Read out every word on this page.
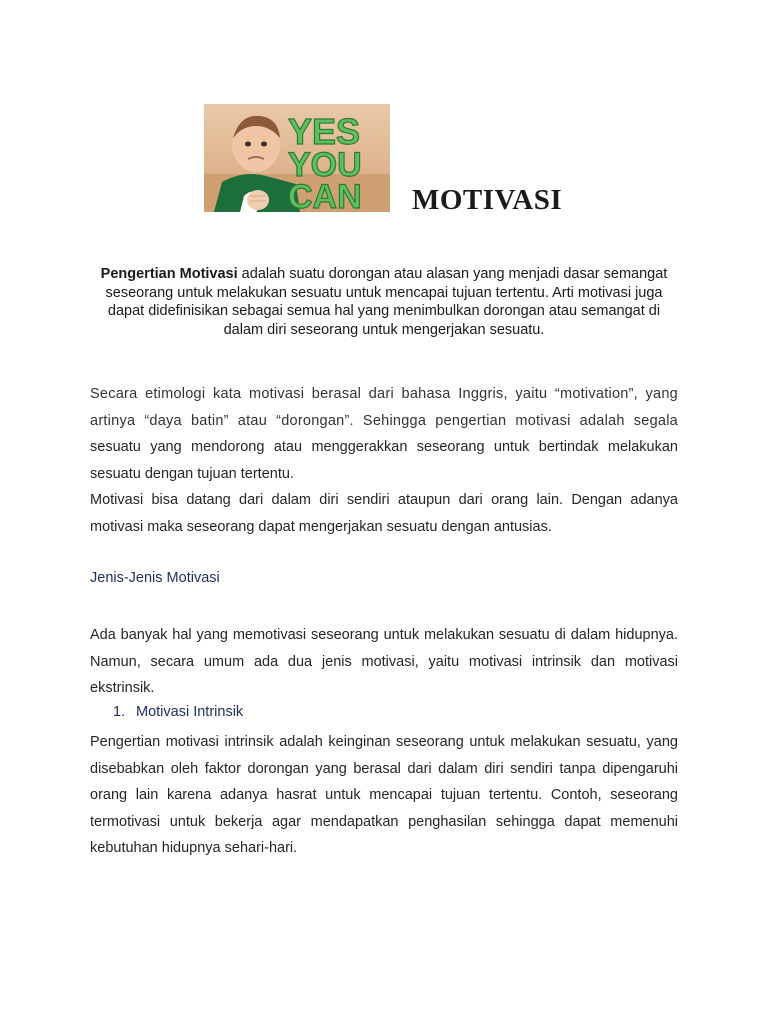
YES
YOU
CAN MOTIVASI

Pengertian Motivasi adalah suatu dorongan atau alasan yang menjadi dasar semangat seseorang untuk melakukan sesuatu untuk mencapai tujuan tertentu. Arti motivasi juga dapat didefinisikan sebagai semua hal yang menimbulkan dorongan atau semangat di dalam diri seseorang untuk mengerjakan sesuatu.

Secara etimologi kata motivasi berasal dari bahasa Inggris, yaitu “motivation”, yang artinya “daya batin” atau “dorongan”. Sehingga pengertian motivasi adalah segala sesuatu yang mendorong atau menggerakkan seseorang untuk bertindak melakukan sesuatu dengan tujuan tertentu.
Motivasi bisa datang dari dalam diri sendiri ataupun dari orang lain. Dengan adanya motivasi maka seseorang dapat mengerjakan sesuatu dengan antusias.

Jenis-Jenis Motivasi

Ada banyak hal yang memotivasi seseorang untuk melakukan sesuatu di dalam hidupnya. Namun, secara umum ada dua jenis motivasi, yaitu motivasi intrinsik dan motivasi ekstrinsik.

1. Motivasi Intrinsik

Pengertian motivasi intrinsik adalah keinginan seseorang untuk melakukan sesuatu, yang disebabkan oleh faktor dorongan yang berasal dari dalam diri sendiri tanpa dipengaruhi orang lain karena adanya hasrat untuk mencapai tujuan tertentu. Contoh, seseorang termotivasi untuk bekerja agar mendapatkan penghasilan sehingga dapat memenuhi kebutuhan hidupnya sehari-hari.
